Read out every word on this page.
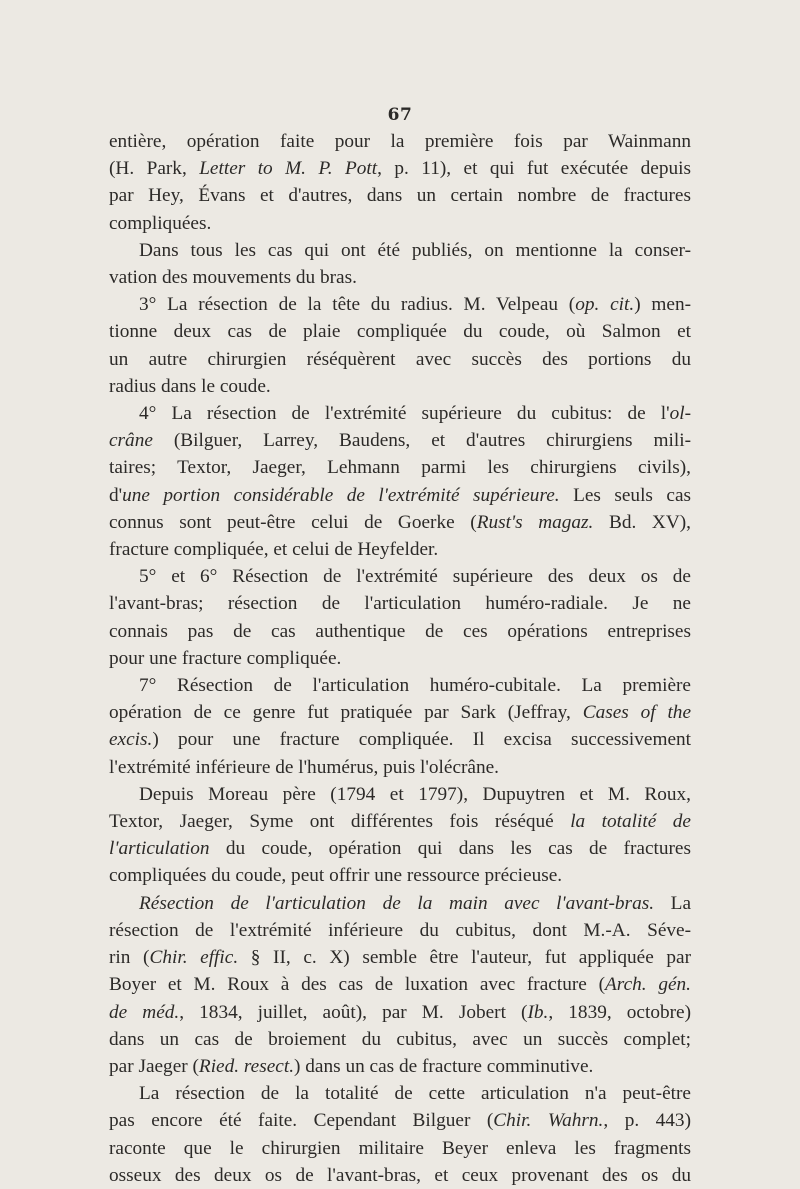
67
entière, opération faite pour la première fois par Wainmann
(H. Park, Letter to M. P. Pott, p. 11), et qui fut exécutée depuis
par Hey, Évans et d'autres, dans un certain nombre de fractures
compliquées.
Dans tous les cas qui ont été publiés, on mentionne la conser-
vation des mouvements du bras.
3° La résection de la tête du radius. M. Velpeau (op. cit.) men-
tionne deux cas de plaie compliquée du coude, où Salmon et
un autre chirurgien réséquèrent avec succès des portions du
radius dans le coude.
4° La résection de l'extrémité supérieure du cubitus: de l'ol-
crâne (Bilguer, Larrey, Baudens, et d'autres chirurgiens mili-
taires; Textor, Jaeger, Lehmann parmi les chirurgiens civils),
d'une portion considérable de l'extrémité supérieure. Les seuls cas
connus sont peut-être celui de Goerke (Rust's magaz. Bd. XV),
fracture compliquée, et celui de Heyfelder.
5° et 6° Résection de l'extrémité supérieure des deux os de
l'avant-bras; résection de l'articulation huméro-radiale. Je ne
connais pas de cas authentique de ces opérations entreprises
pour une fracture compliquée.
7° Résection de l'articulation huméro-cubitale. La première
opération de ce genre fut pratiquée par Sark (Jeffray, Cases of the
excis.) pour une fracture compliquée. Il excisa successivement
l'extrémité inférieure de l'humérus, puis l'olécrâne.
Depuis Moreau père (1794 et 1797), Dupuytren et M. Roux,
Textor, Jaeger, Syme ont différentes fois réséqué la totalité de
l'articulation du coude, opération qui dans les cas de fractures
compliquées du coude, peut offrir une ressource précieuse.
Résection de l'articulation de la main avec l'avant-bras. La
résection de l'extrémité inférieure du cubitus, dont M.-A. Séve-
rin (Chir. effic. § II, c. X) semble être l'auteur, fut appliquée par
Boyer et M. Roux à des cas de luxation avec fracture (Arch. gén.
de méd., 1834, juillet, août), par M. Jobert (Ib., 1839, octobre)
dans un cas de broiement du cubitus, avec un succès complet;
par Jaeger (Ried. resect.) dans un cas de fracture comminutive.
La résection de la totalité de cette articulation n'a peut-être
pas encore été faite. Cependant Bilguer (Chir. Wahrn., p. 443)
raconte que le chirurgien militaire Beyer enleva les fragments
osseux des deux os de l'avant-bras, et ceux provenant des os du
